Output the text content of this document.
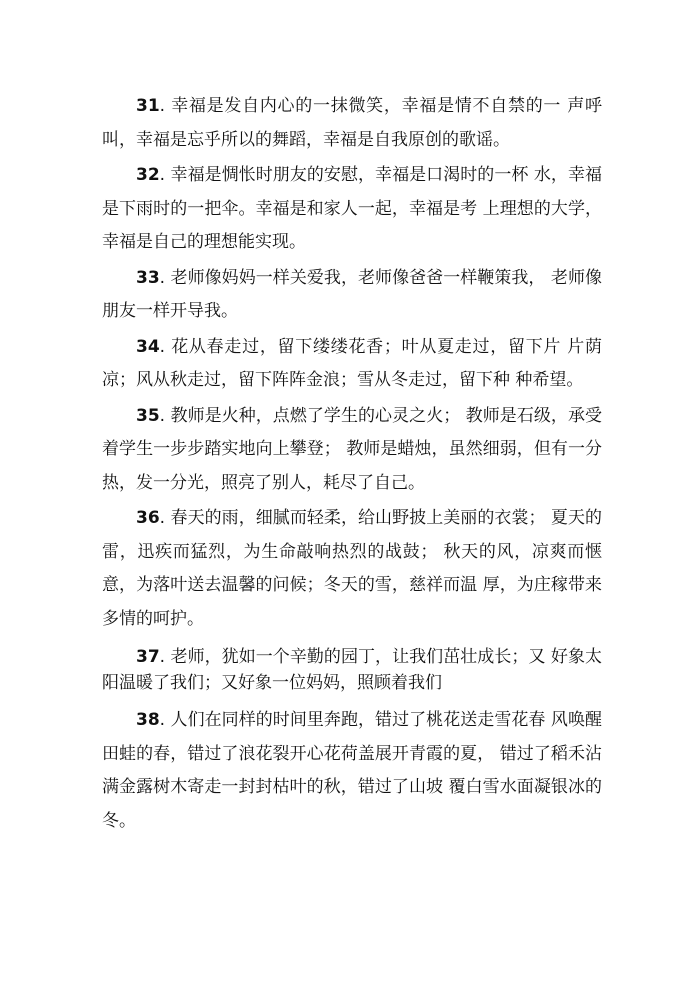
31. 幸福是发自内心的一抹微笑，幸福是情不自禁的一 声呼叫，幸福是忘乎所以的舞蹈，幸福是自我原创的歌谣。

32. 幸福是惆怅时朋友的安慰，幸福是口渴时的一杯 水，幸福是下雨时的一把伞。幸福是和家人一起，幸福是考 上理想的大学，幸福是自己的理想能实现。

33. 老师像妈妈一样关爱我，老师像爸爸一样鞭策我， 老师像朋友一样开导我。

34. 花从春走过，留下缕缕花香；叶从夏走过，留下片 片荫凉；风从秋走过，留下阵阵金浪；雪从冬走过，留下种 种希望。

35. 教师是火种，点燃了学生的心灵之火； 教师是石级，承受着学生一步步踏实地向上攀登； 教师是蜡烛，虽然细弱，但有一分热，发一分光，照亮了别人，耗尽了自己。

36. 春天的雨，细腻而轻柔，给山野披上美丽的衣裳； 夏天的雷，迅疾而猛烈，为生命敲响热烈的战鼓； 秋天的风，凉爽而惬意，为落叶送去温馨的问候；冬天的雪，慈祥而温 厚，为庄稼带来多情的呵护。

37. 老师，犹如一个辛勤的园丁，让我们茁壮成长；又 好象太阳温暖了我们；又好象一位妈妈，照顾着我们

38. 人们在同样的时间里奔跑，错过了桃花送走雪花春 风唤醒田蛙的春，错过了浪花裂开心花荷盖展开青霞的夏， 错过了稻禾沾满金露树木寄走一封封枯叶的秋，错过了山坡 覆白雪水面凝银冰的冬。
